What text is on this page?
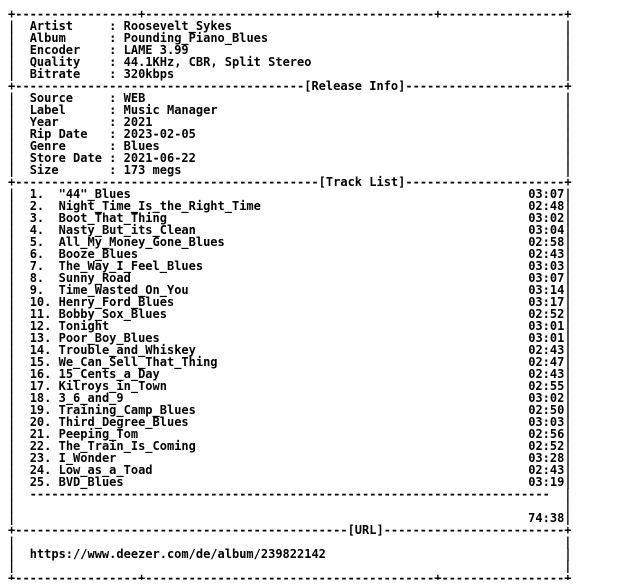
+-----------------+----------------------------------------+-----------------+
|  Artist     : Roosevelt_Sykes                                              |
|  Album      : Pounding_Piano_Blues                                         |
|  Encoder    : LAME 3.99                                                    |
|  Quality    : 44.1KHz, CBR, Split Stereo                                   |
|  Bitrate    : 320kbps                                                      |
+----------------------------------------[Release Info]----------------------+
|  Source     : WEB                                                          |
|  Label      : Music Manager                                                |
|  Year       : 2021                                                         |
|  Rip Date   : 2023-02-05                                                   |
|  Genre      : Blues                                                        |
|  Store Date : 2021-06-22                                                   |
|  Size       : 173 megs                                                     |
+------------------------------------------[Track List]----------------------+
|  1.  "44"_Blues	03:07|
|  2.  Night_Time_Is_the_Right_Time	02:48|
|  3.  Boot_That_Thing	03:02|
|  4.  Nasty_But_its_Clean	03:04|
|  5.  All_My_Money_Gone_Blues	02:58|
|  6.  Booze_Blues	02:43|
|  7.  The_Way_I_Feel_Blues	03:03|
|  8.  Sunny_Road	03:07|
|  9.  Time_Wasted_On_You	03:14|
|  10. Henry_Ford_Blues	03:17|
|  11. Bobby_Sox_Blues	02:52|
|  12. Tonight	03:01|
|  13. Poor_Boy_Blues	03:01|
|  14. Trouble_and_Whiskey	02:43|
|  15. We_Can_Sell_That_Thing	02:47|
|  16. 15_Cents_a_Day	02:43|
|  17. Kilroys_in_Town	02:55|
|  18. 3_6_and_9	03:02|
|  19. Training_Camp_Blues	02:50|
|  20. Third_Degree_Blues	03:03|
|  21. Peeping_Tom	02:56|
|  22. The_Train_Is_Coming	02:52|
|  23. I_Wonder	03:28|
|  24. Low_as_a_Toad	02:43|
|  25. BVD_Blues	03:19|
|  ------------------------------------------------------------------------  |
|                                                                            |
|                                                                       74:38|
+----------------------------------------------[URL]-------------------------+
|                                                                            |
|  https://www.deezer.com/de/album/239822142                                 |
|                                                                            |
+-----------------+----------------------------------------+-----------------+
